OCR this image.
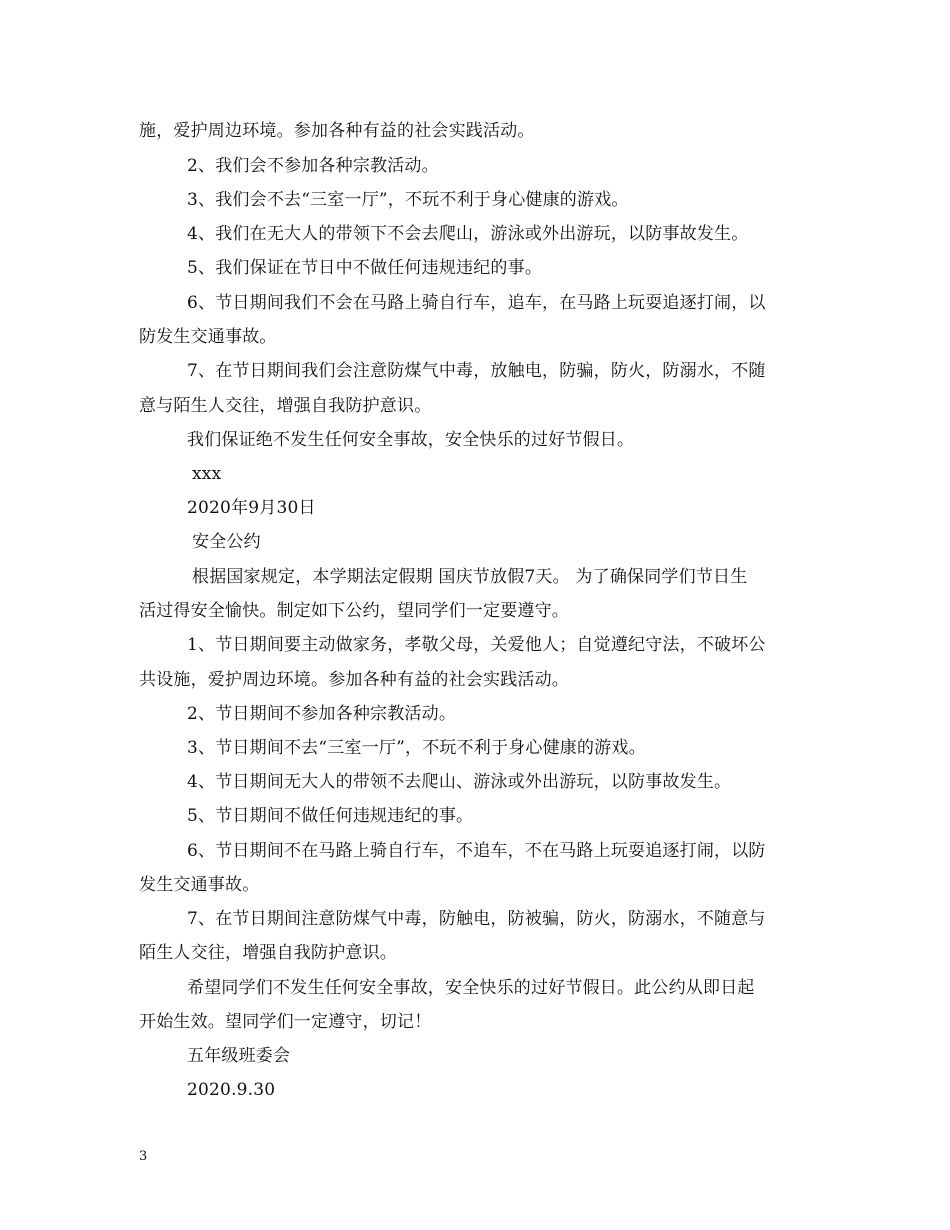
施，爱护周边环境。参加各种有益的社会实践活动。
2、我们会不参加各种宗教活动。
3、我们会不去“三室一厅”，不玩不利于身心健康的游戏。
4、我们在无大人的带领下不会去爬山，游泳或外出游玩，以防事故发生。
5、我们保证在节日中不做任何违规违纪的事。
6、节日期间我们不会在马路上骑自行车，追车，在马路上玩耍追逐打闹，以
防发生交通事故。
7、在节日期间我们会注意防煤气中毒，放触电，防骗，防火，防溺水，不随
意与陌生人交往，增强自我防护意识。
我们保证绝不发生任何安全事故，安全快乐的过好节假日。
xxx
2020年9月30日
安全公约
根据国家规定，本学期法定假期 国庆节放假7天。 为了确保同学们节日生
活过得安全愉快。制定如下公约，望同学们一定要遵守。
1、节日期间要主动做家务，孝敬父母，关爱他人；自觉遵纪守法，不破坏公
共设施，爱护周边环境。参加各种有益的社会实践活动。
2、节日期间不参加各种宗教活动。
3、节日期间不去“三室一厅”，不玩不利于身心健康的游戏。
4、节日期间无大人的带领不去爬山、游泳或外出游玩，以防事故发生。
5、节日期间不做任何违规违纪的事。
6、节日期间不在马路上骑自行车，不追车，不在马路上玩耍追逐打闹，以防
发生交通事故。
7、在节日期间注意防煤气中毒，防触电，防被骗，防火，防溺水，不随意与
陌生人交往，增强自我防护意识。
希望同学们不发生任何安全事故，安全快乐的过好节假日。此公约从即日起
开始生效。望同学们一定遵守，切记！
五年级班委会
2020.9.30
3
